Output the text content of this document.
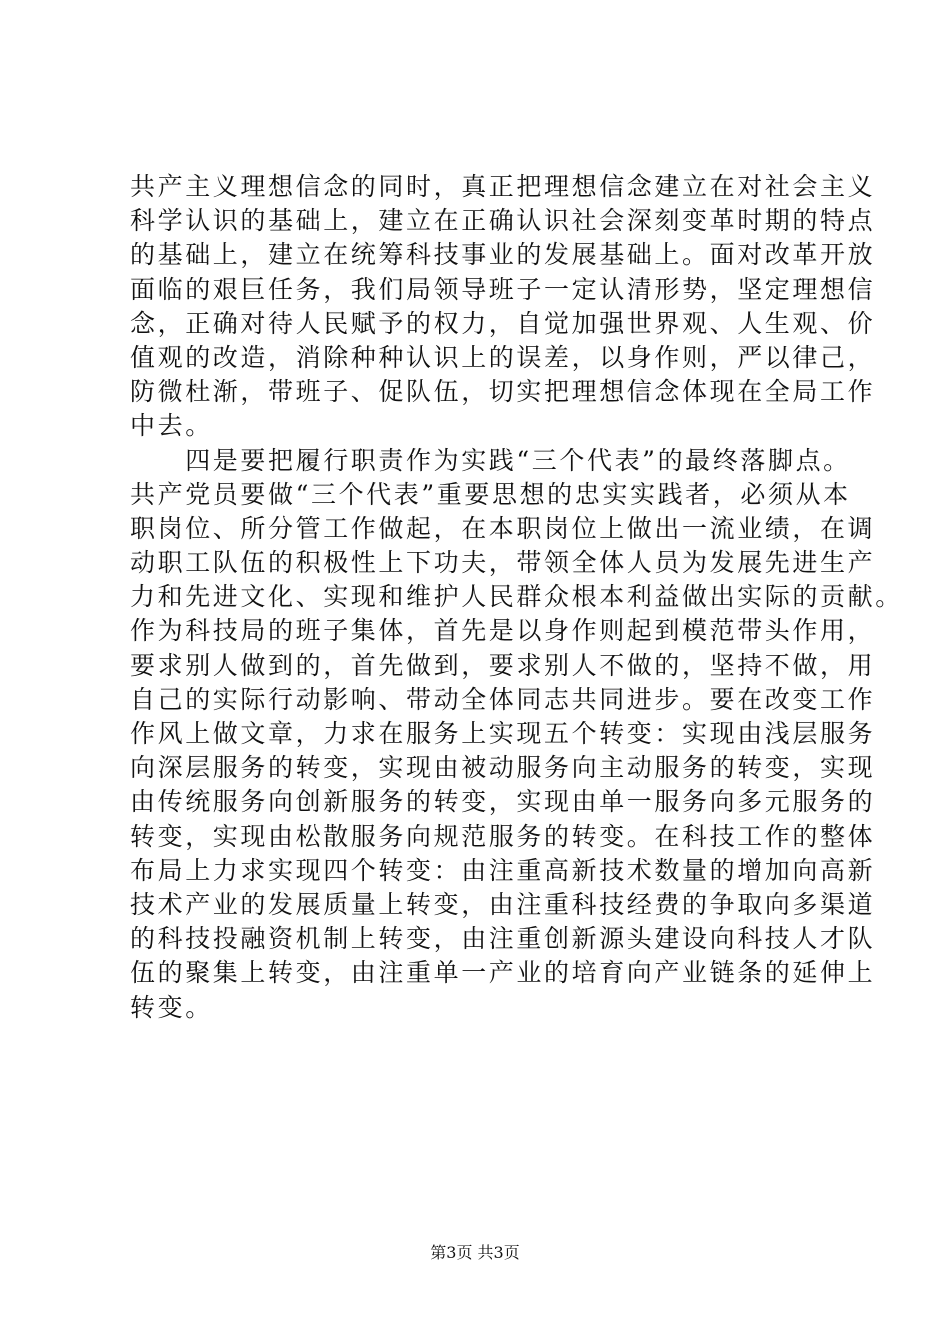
共产主义理想信念的同时，真正把理想信念建立在对社会主义
科学认识的基础上，建立在正确认识社会深刻变革时期的特点
的基础上，建立在统筹科技事业的发展基础上。面对改革开放
面临的艰巨任务，我们局领导班子一定认清形势，坚定理想信
念，正确对待人民赋予的权力，自觉加强世界观、人生观、价
值观的改造，消除种种认识上的误差，以身作则，严以律己，
防微杜渐，带班子、促队伍，切实把理想信念体现在全局工作
中去。
　　四是要把履行职责作为实践“三个代表”的最终落脚点。
共产党员要做“三个代表”重要思想的忠实实践者，必须从本
职岗位、所分管工作做起，在本职岗位上做出一流业绩，在调
动职工队伍的积极性上下功夫，带领全体人员为发展先进生产
力和先进文化、实现和维护人民群众根本利益做出实际的贡献。
作为科技局的班子集体，首先是以身作则起到模范带头作用，
要求别人做到的，首先做到，要求别人不做的，坚持不做，用
自己的实际行动影响、带动全体同志共同进步。要在改变工作
作风上做文章，力求在服务上实现五个转变：实现由浅层服务
向深层服务的转变，实现由被动服务向主动服务的转变，实现
由传统服务向创新服务的转变，实现由单一服务向多元服务的
转变，实现由松散服务向规范服务的转变。在科技工作的整体
布局上力求实现四个转变：由注重高新技术数量的增加向高新
技术产业的发展质量上转变，由注重科技经费的争取向多渠道
的科技投融资机制上转变，由注重创新源头建设向科技人才队
伍的聚集上转变，由注重单一产业的培育向产业链条的延伸上
转变。
第3页 共3页
